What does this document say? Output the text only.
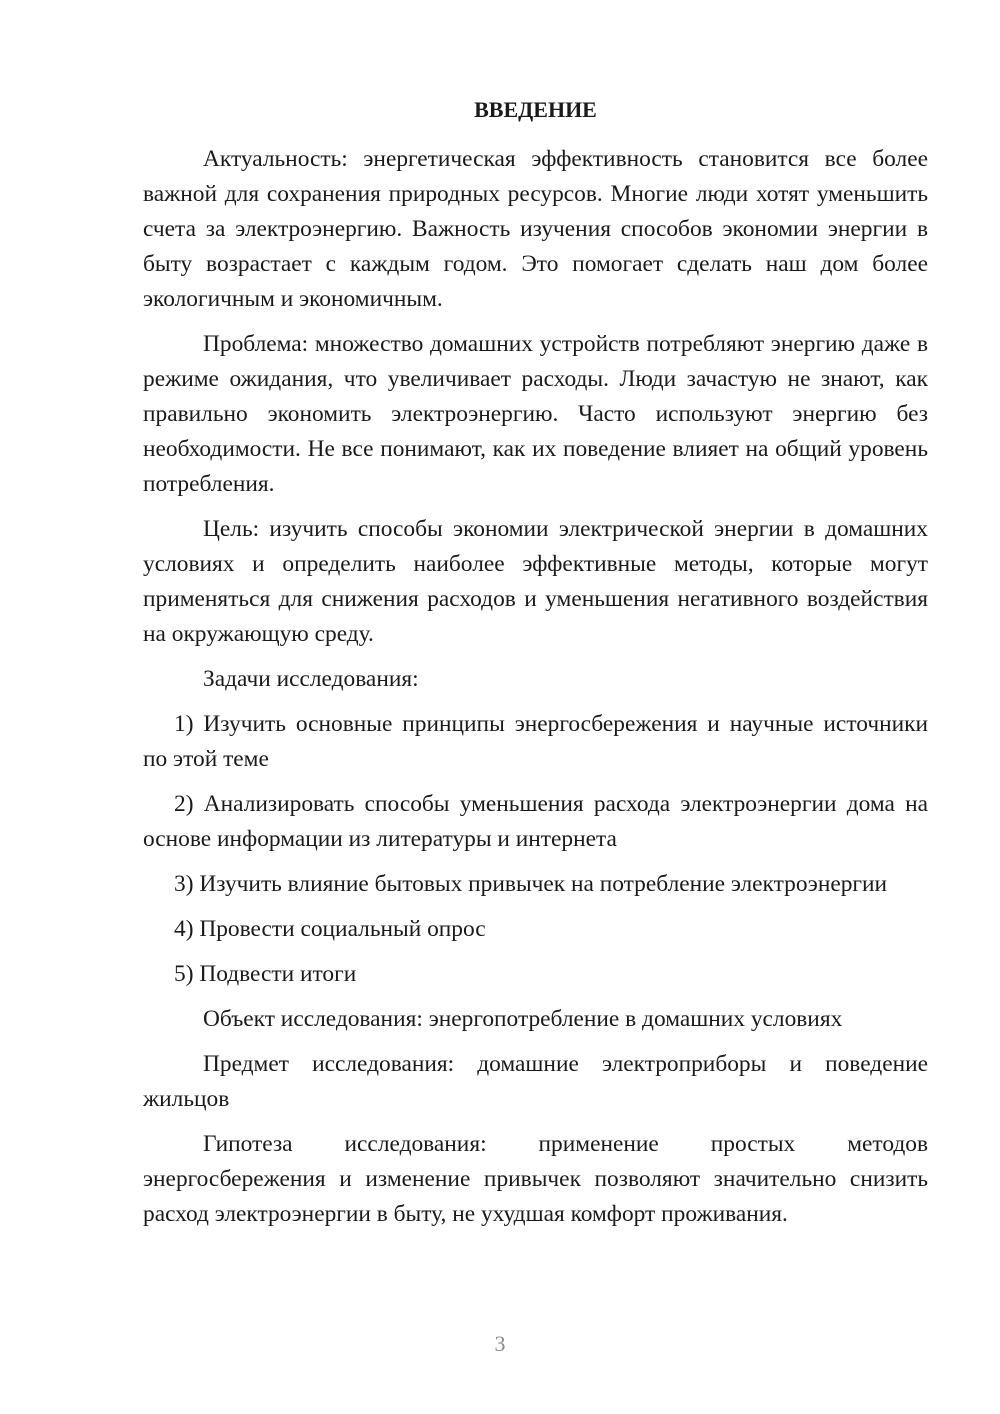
ВВЕДЕНИЕ

Актуальность: энергетическая эффективность становится все более важной для сохранения природных ресурсов. Многие люди хотят уменьшить счета за электроэнергию. Важность изучения способов экономии энергии в быту возрастает с каждым годом. Это помогает сделать наш дом более экологичным и экономичным.

Проблема: множество домашних устройств потребляют энергию даже в режиме ожидания, что увеличивает расходы. Люди зачастую не знают, как правильно экономить электроэнергию. Часто используют энергию без необходимости. Не все понимают, как их поведение влияет на общий уровень потребления.

Цель: изучить способы экономии электрической энергии в домашних условиях и определить наиболее эффективные методы, которые могут применяться для снижения расходов и уменьшения негативного воздействия на окружающую среду.

Задачи исследования:

1) Изучить основные принципы энергосбережения и научные источники по этой теме

2) Анализировать способы уменьшения расхода электроэнергии дома на основе информации из литературы и интернета

3) Изучить влияние бытовых привычек на потребление электроэнергии

4) Провести социальный опрос

5) Подвести итоги

Объект исследования: энергопотребление в домашних условиях

Предмет исследования: домашние электроприборы и поведение жильцов

Гипотеза исследования: применение простых методов энергосбережения и изменение привычек позволяют значительно снизить расход электроэнергии в быту, не ухудшая комфорт проживания.

3
